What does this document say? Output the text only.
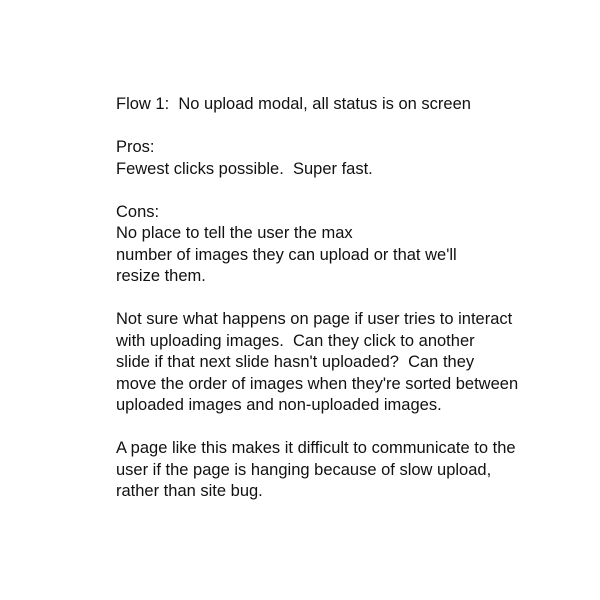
Flow 1:  No upload modal, all status is on screen
Pros:
Fewest clicks possible.  Super fast.
Cons:
No place to tell the user the max
number of images they can upload or that we'll
resize them.
Not sure what happens on page if user tries to interact
with uploading images.  Can they click to another
slide if that next slide hasn't uploaded?  Can they
move the order of images when they're sorted between
uploaded images and non-uploaded images.
A page like this makes it difficult to communicate to the
user if the page is hanging because of slow upload,
rather than site bug.
